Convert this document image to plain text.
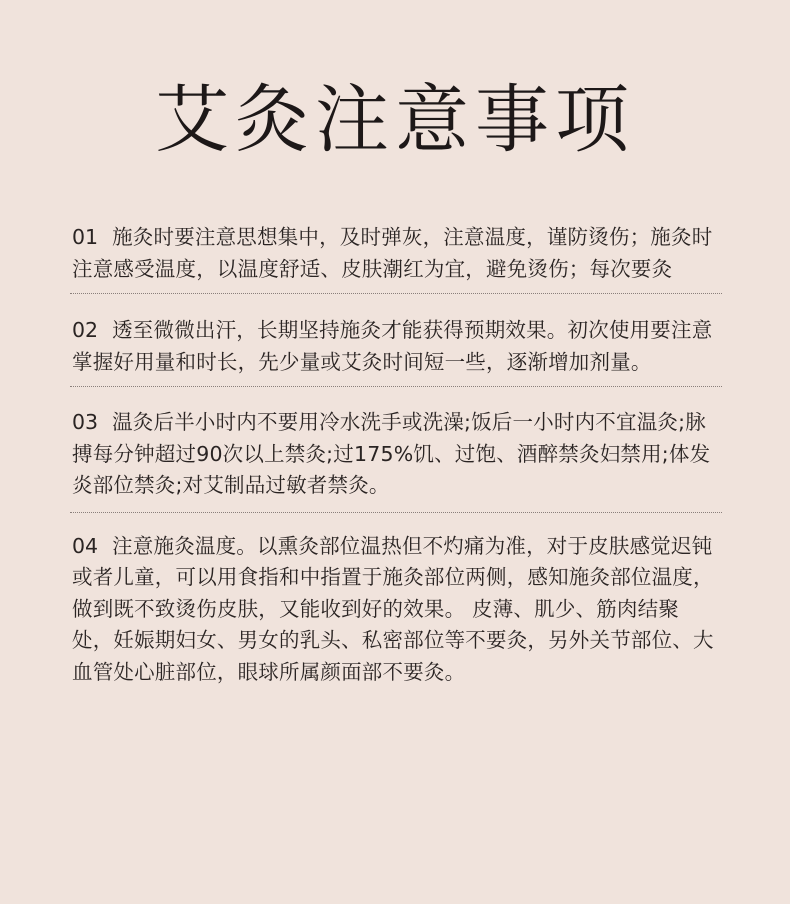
艾灸注意事项
01 施灸时要注意思想集中，及时弹灰，注意温度，谨防烫伤；施灸时注意感受温度，以温度舒适、皮肤潮红为宜，避免烫伤；每次要灸
02 透至微微出汗，长期坚持施灸才能获得预期效果。初次使用要注意掌握好用量和时长，先少量或艾灸时间短一些，逐渐增加剂量。
03 温灸后半小时内不要用冷水洗手或洗澡;饭后一小时内不宜温灸;脉搏每分钟超过90次以上禁灸;过175%饥、过饱、酒醉禁灸妇禁用;体发炎部位禁灸;对艾制品过敏者禁灸。
04 注意施灸温度。以熏灸部位温热但不灼痛为准，对于皮肤感觉迟钝或者儿童，可以用食指和中指置于施灸部位两侧，感知施灸部位温度，做到既不致烫伤皮肤，又能收到好的效果。 皮薄、肌少、筋肉结聚处，妊娠期妇女、男女的乳头、私密部位等不要灸，另外关节部位、大血管处心脏部位，眼球所属颜面部不要灸。
